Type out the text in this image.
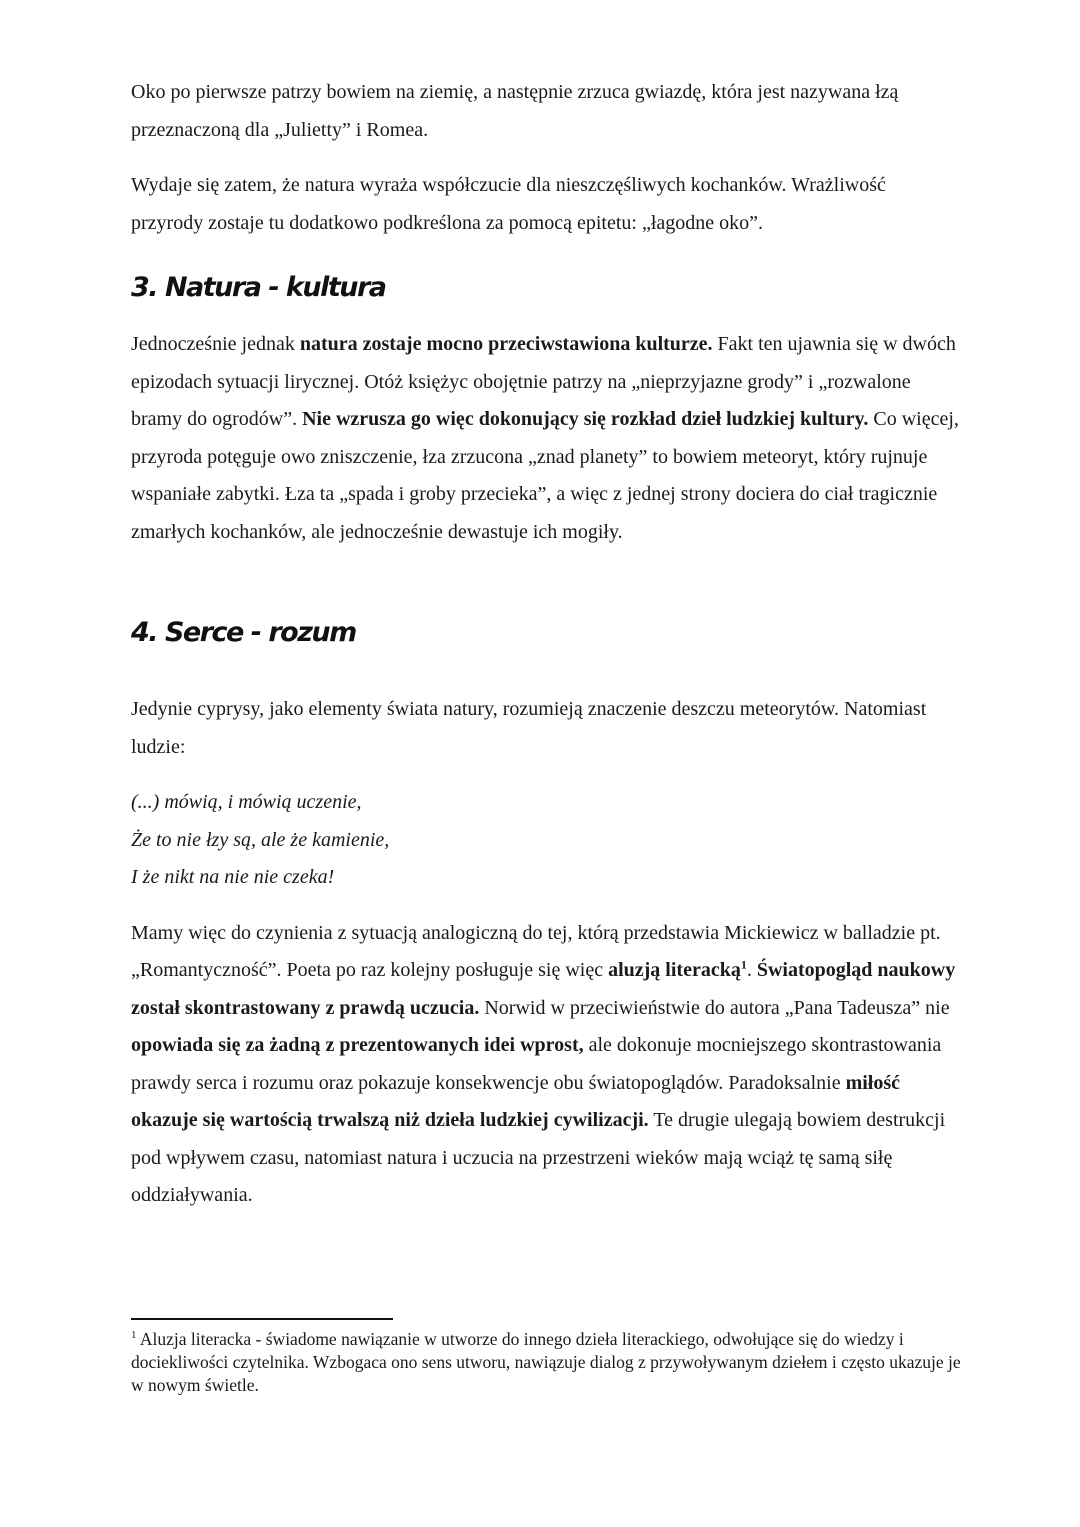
Oko po pierwsze patrzy bowiem na ziemię, a następnie zrzuca gwiazdę, która jest nazywana łzą przeznaczoną dla „Julietty” i Romea.

Wydaje się zatem, że natura wyraża współczucie dla nieszczęśliwych kochanków. Wrażliwość przyrody zostaje tu dodatkowo podkreślona za pomocą epitetu: „łagodne oko”.

3. Natura - kultura

Jednocześnie jednak natura zostaje mocno przeciwstawiona kulturze. Fakt ten ujawnia się w dwóch epizodach sytuacji lirycznej. Otóż księżyc obojętnie patrzy na „nieprzyjazne grody” i „rozwalone bramy do ogrodów”. Nie wzrusza go więc dokonujący się rozkład dzieł ludzkiej kultury. Co więcej, przyroda potęguje owo zniszczenie, łza zrzucona „znad planety” to bowiem meteoryt, który rujnuje wspaniałe zabytki. Łza ta „spada i groby przecieka”, a więc z jednej strony dociera do ciał tragicznie zmarłych kochanków, ale jednocześnie dewastuje ich mogiły.

4. Serce - rozum

Jedynie cyprysy, jako elementy świata natury, rozumieją znaczenie deszczu meteorytów. Natomiast ludzie:

(...) mówią, i mówią uczenie,
Że to nie łzy są, ale że kamienie,
I że nikt na nie nie czeka!

Mamy więc do czynienia z sytuacją analogiczną do tej, którą przedstawia Mickiewicz w balladzie pt. „Romantyczność”. Poeta po raz kolejny posługuje się więc aluzją literacką$^1$. Światopogląd naukowy został skontrastowany z prawdą uczucia. Norwid w przeciwieństwie do autora „Pana Tadeusza” nie opowiada się za żadną z prezentowanych idei wprost, ale dokonuje mocniejszego skontrastowania prawdy serca i rozumu oraz pokazuje konsekwencje obu światopoglądów. Paradoksalnie miłość okazuje się wartością trwalszą niż dzieła ludzkiej cywilizacji. Te drugie ulegają bowiem destrukcji pod wpływem czasu, natomiast natura i uczucia na przestrzeni wieków mają wciąż tę samą siłę oddziaływania.

$^1$ Aluzja literacka - świadome nawiązanie w utworze do innego dzieła literackiego, odwołujące się do wiedzy i dociekliwości czytelnika. Wzbogaca ono sens utworu, nawiązuje dialog z przywoływanym dziełem i często ukazuje je w nowym świetle.
